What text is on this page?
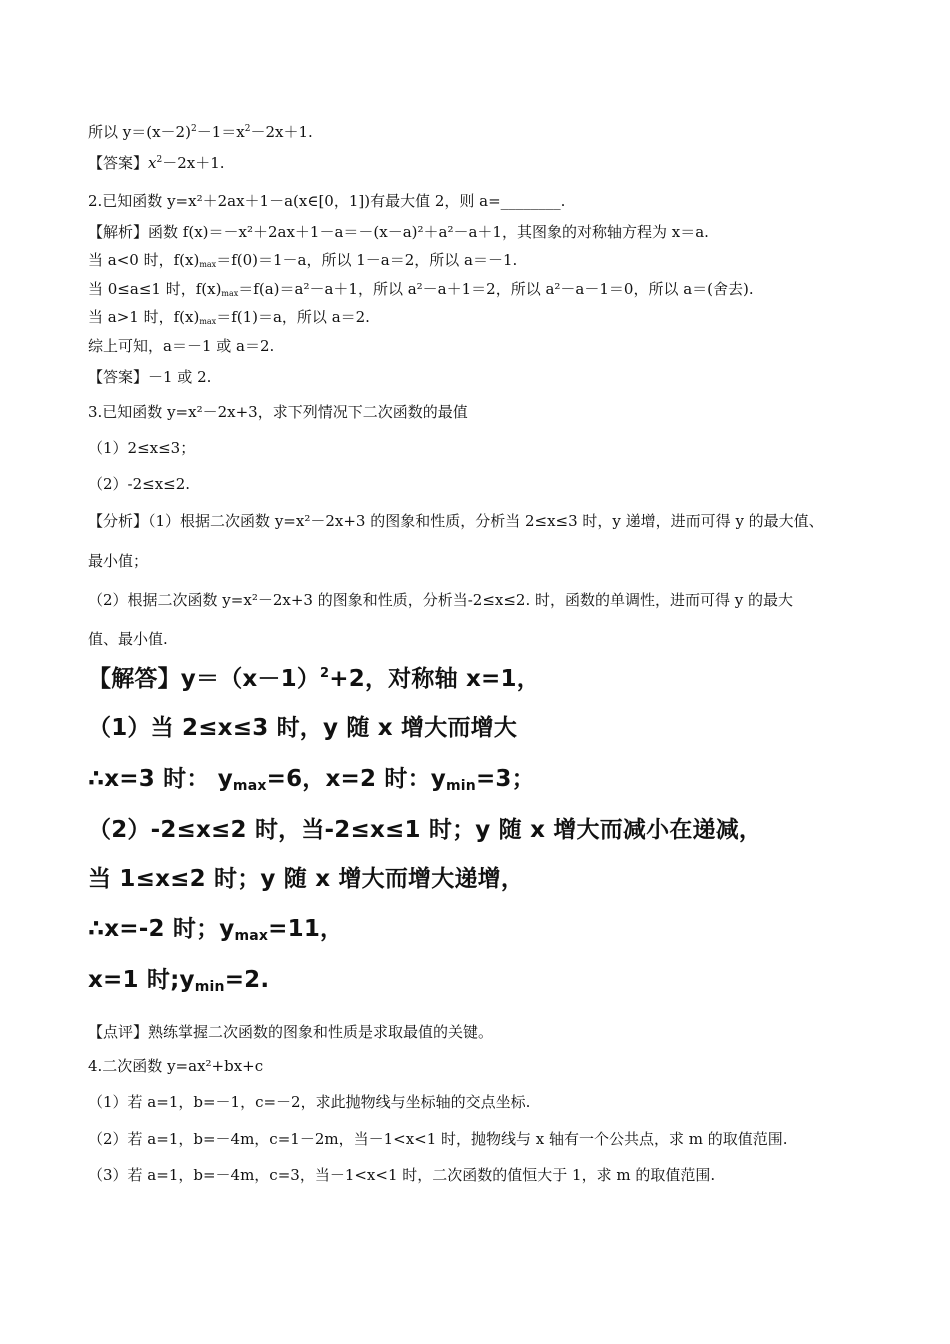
所以 $y=(x-2)^2-1=x^2-2x+1$.
【答案】$x^2-2x+1$.
2.已知函数 y=x²＋2ax＋1－a(x∈[0，1])有最大值 2，则 a=________.
【解析】函数 f(x)＝－x²＋2ax＋1－a＝－(x－a)²＋a²－a＋1，其图象的对称轴方程为 x＝a.
当 a<0 时，$f(x)_{max}=f(0)=1-a$，所以 1－a＝2，所以 a＝－1.
当 0≤a≤1 时，$f(x)_{max}=f(a)=a^2-a+1$，所以 a²－a＋1＝2，所以 a²－a－1＝0，所以 a＝(舍去).
当 a>1 时，$f(x)_{max}=f(1)=a$，所以 a＝2.
综上可知，a＝－1 或 a＝2.
【答案】－1 或 2.
3.已知函数 y=x²－2x+3，求下列情况下二次函数的最值
（1）2≤x≤3；
（2）-2≤x≤2.
【分析】（1）根据二次函数 y=x²－2x+3 的图象和性质，分析当 2≤x≤3 时，y 递增，进而可得 y 的最大值、
最小值；
（2）根据二次函数 y=x²－2x+3 的图象和性质，分析当-2≤x≤2. 时，函数的单调性，进而可得 y 的最大
值、最小值.
【解答】$y=(x-1)^2+2$，对称轴 x=1，
（1）当 2≤x≤3 时，y 随 x 增大而增大
∴x=3 时： $y_{max}=6$，x=2 时：$y_{min}=3$；
（2）-2≤x≤2 时，当-2≤x≤1 时；y 随 x 增大而减小在递减，
当 1≤x≤2 时；y 随 x 增大而增大递增，
∴x=-2 时；$y_{max}=11$，
x=1 时$;y_{min}=2$.
【点评】熟练掌握二次函数的图象和性质是求取最值的关键。
4.二次函数 y=ax²+bx+c
（1）若 a=1，b=－1，c=－2，求此抛物线与坐标轴的交点坐标.
（2）若 a=1，b=－4m，c=1－2m，当－1<x<1 时，抛物线与 x 轴有一个公共点，求 m 的取值范围.
（3）若 a=1，b=－4m，c=3，当－1<x<1 时，二次函数的值恒大于 1，求 m 的取值范围.
